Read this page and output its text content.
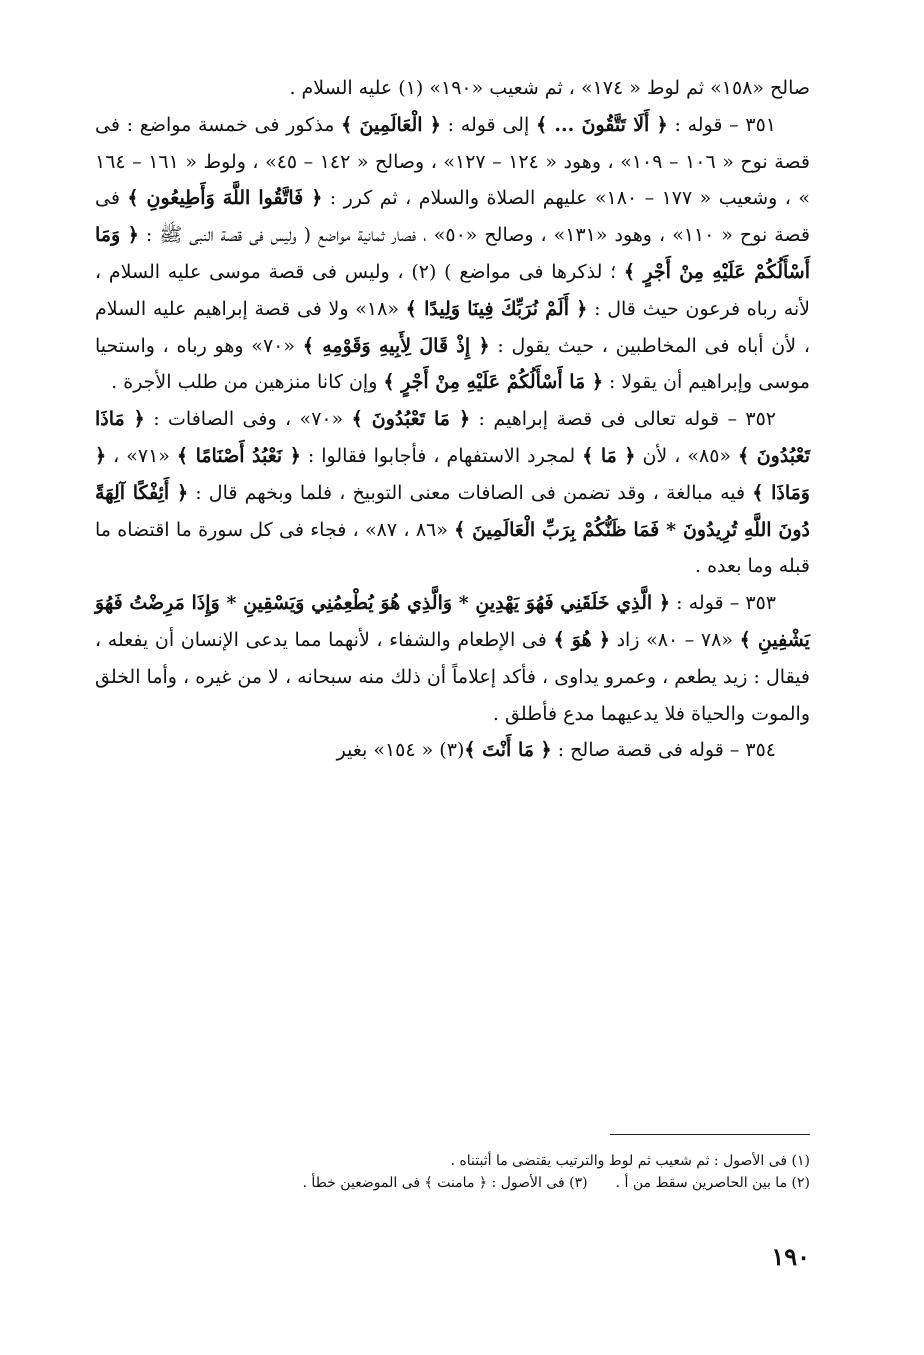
صالح «١٥٨» ثم لوط « ١٧٤» ، ثم شعيب «١٩٠» (١) عليه السلام .

٣٥١ – قوله : ﴿ أَلَا تَتَّقُونَ ... ﴾ إلى قوله : ﴿ الْعَالَمِينَ ﴾ مذكور فى خمسة مواضع : فى قصة نوح « ١٠٦ – ١٠٩» ، وهود « ١٢٤ – ١٢٧» ، وصالح « ١٤٢ – ٤٥» ، ولوط « ١٦١ – ١٦٤ » ، وشعيب « ١٧٧ – ١٨٠» عليهم الصلاة والسلام ، ثم كرر : ﴿ فَاتَّقُوا اللَّهَ وَأَطِيعُونِ ﴾ فى قصة نوح « ١١٠» ، وهود «١٣١» ، وصالح «٥٠» ، فصار ثمانية مواضع ( وليس فى قصة النبى ﷺ : ﴿ وَمَا أَسْأَلُكُمْ عَلَيْهِ مِنْ أَجْرٍ ﴾ ؛ لذكرها فى مواضع ) (٢) ، وليس فى قصة موسى عليه السلام ، لأنه رباه فرعون حيث قال : ﴿ أَلَمْ نُرَبِّكَ فِينَا وَلِيدًا ﴾ «١٨» ولا فى قصة إبراهيم عليه السلام ، لأن أباه فى المخاطبين ، حيث يقول : ﴿ إِذْ قَالَ لِأَبِيهِ وَقَوْمِهِ ﴾ «٧٠» وهو رباه ، واستحيا موسى وإبراهيم أن يقولا : ﴿ مَا أَسْأَلُكُمْ عَلَيْهِ مِنْ أَجْرٍ ﴾ وإن كانا منزهين من طلب الأجرة .

٣٥٢ – قوله تعالى فى قصة إبراهيم : ﴿ مَا تَعْبُدُونَ ﴾ «٧٠» ، وفى الصافات : ﴿ مَاذَا تَعْبُدُونَ ﴾ «٨٥» ، لأن ﴿ مَا ﴾ لمجرد الاستفهام ، فأجابوا فقالوا : ﴿ نَعْبُدُ أَصْنَامًا ﴾ «٧١» ، ﴿ وَمَاذَا ﴾ فيه مبالغة ، وقد تضمن فى الصافات معنى التوبيخ ، فلما وبخهم قال : ﴿ أَئِفْكًا آلِهَةً دُونَ اللَّهِ تُرِيدُونَ * فَمَا ظَنُّكُمْ بِرَبِّ الْعَالَمِينَ ﴾ «٨٦ ، ٨٧» ، فجاء فى كل سورة ما اقتضاه ما قبله وما بعده .

٣٥٣ – قوله : ﴿ الَّذِي خَلَقَنِي فَهُوَ يَهْدِينِ * وَالَّذِي هُوَ يُطْعِمُنِي وَيَسْقِينِ * وَإِذَا مَرِضْتُ فَهُوَ يَشْفِينِ ﴾ «٧٨ – ٨٠» زاد ﴿ هُوَ ﴾ فى الإطعام والشفاء ، لأنهما مما يدعى الإنسان أن يفعله ، فيقال : زيد يطعم ، وعمرو يداوى ، فأكد إعلاماً أن ذلك منه سبحانه ، لا من غيره ، وأما الخلق والموت والحياة فلا يدعيهما مدع فأطلق .

٣٥٤ – قوله فى قصة صالح : ﴿ مَا أَنْتَ ﴾(٣) « ١٥٤» بغير

(١) فى الأصول : ثم شعيب ثم لوط والترتيب يقتضى ما أثبتناه .
(٢) ما بين الحاصرين سقط من أ .(٣) فى الأصول : ﴿ مامنت ﴾ فى الموضعين خطأ .
١٩٠
